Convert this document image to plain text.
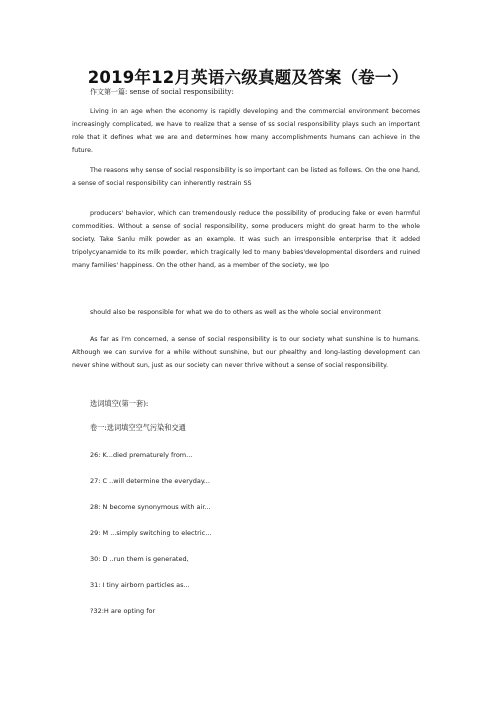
2019年12月英语六级真题及答案（卷一）
作文第一篇: sense of social responsibility:
Living in an age when the economy is rapidly developing and the commercial environment becomes increasingly complicated, we have to realize that a sense of ss social responsibility plays such an important role that it defines what we are and determines how many accomplishments humans can achieve in the future.
The reasons why sense of social responsibility is so important can be listed as follows. On the one hand, a sense of social responsibility can inherently restrain SS
producers' behavior, which can tremendously reduce the possibility of producing fake or even harmful commodities. Without a sense of social responsibility, some producers might do great harm to the whole society. Take Sanlu milk powder as an example. It was such an irresponsible enterprise that it added tripolycyanamide to its milk powder, which tragically led to many babies'developmental disorders and ruined many families' happiness. On the other hand, as a member of the society, we lpo
should also be responsible for what we do to others as well as the whole social environment
As far as I'm concerned, a sense of social responsibility is to our society what sunshine is to humans. Although we can survive for a while without sunshine, but our phealthy and long-lasting development can never shine without sun, just as our society can never thrive without a sense of social responsibility.
选词填空(第一套):
卷一:选词填空空气污染和交通
26: K...died prematurely from...
27: C ..will determine the everyday...
28: N become synonymous with air...
29: M ...simply switching to electric...
30: D ..run them is generated,
31: I tiny airborn particles as...
?32:H are opting for
